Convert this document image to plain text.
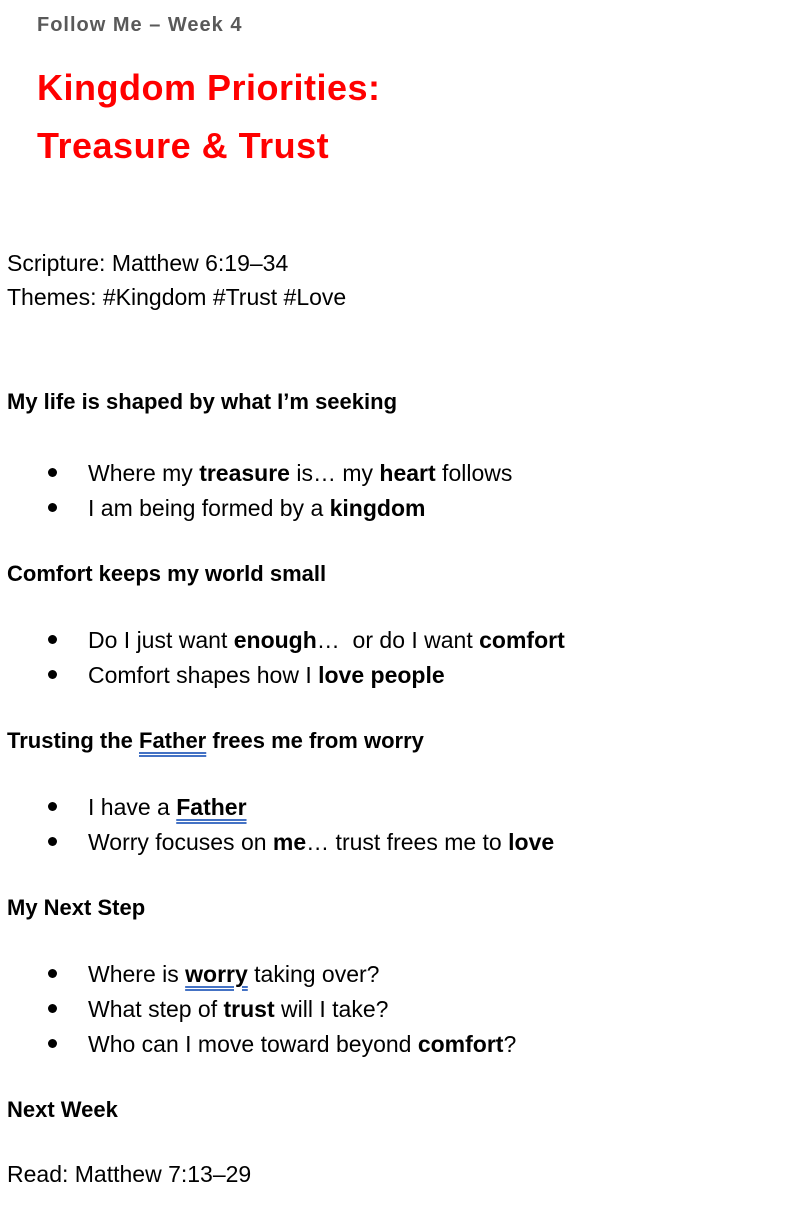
Follow Me – Week 4
Kingdom Priorities:
Treasure & Trust
Scripture: Matthew 6:19–34
Themes: #Kingdom #Trust #Love
My life is shaped by what I’m seeking
Where my treasure is… my heart follows
I am being formed by a kingdom
Comfort keeps my world small
Do I just want enough…  or do I want comfort
Comfort shapes how I love people
Trusting the Father frees me from worry
I have a Father
Worry focuses on me… trust frees me to love
My Next Step
Where is worry taking over?
What step of trust will I take?
Who can I move toward beyond comfort?
Next Week
Read: Matthew 7:13–29
